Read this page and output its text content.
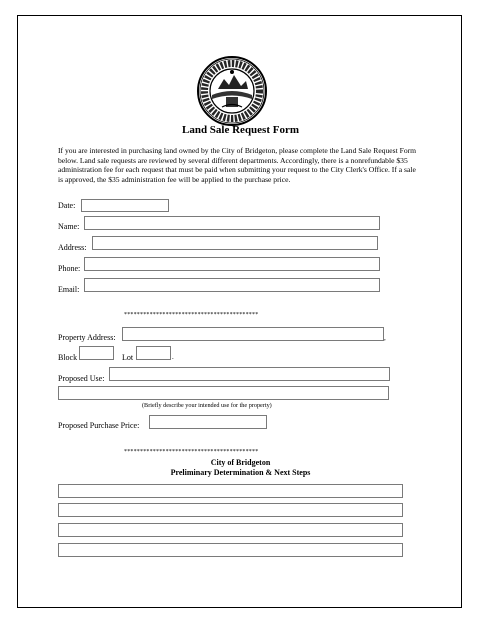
Land Sale Request Form
If you are interested in purchasing land owned by the City of Bridgeton, please complete the Land Sale Request Form below. Land sale requests are reviewed by several different departments. Accordingly, there is a nonrefundable $35 administration fee for each request that must be paid when submitting your request to the City Clerk's Office. If a sale is approved, the $35 administration fee will be applied to the purchase price.
Date:
Name:
Address:
Phone:
Email:
******************************************
Property Address:	,
Block	Lot	.
Proposed Use:
(Briefly describe your intended use for the property)
Proposed Purchase Price:
******************************************
City of Bridgeton
Preliminary Determination & Next Steps
